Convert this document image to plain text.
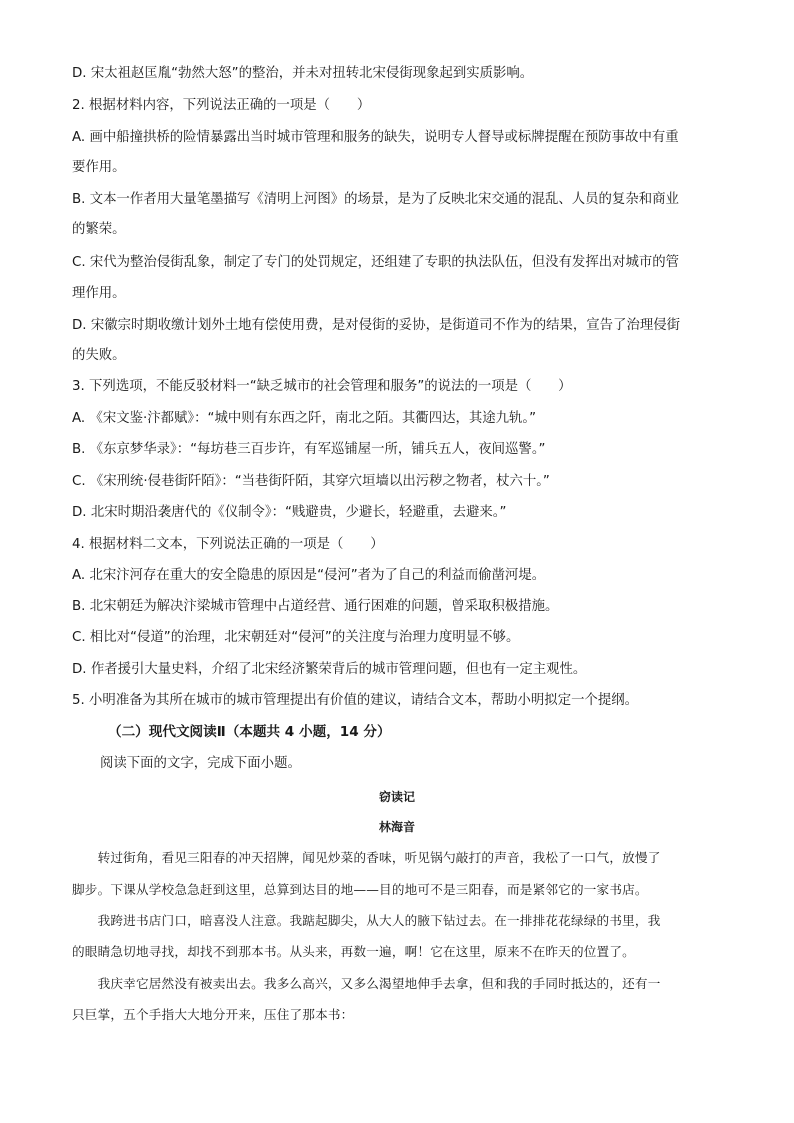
D. 宋太祖赵匡胤“勃然大怒”的整治，并未对扭转北宋侵街现象起到实质影响。
2. 根据材料内容，下列说法正确的一项是（　　）
A. 画中船撞拱桥的险情暴露出当时城市管理和服务的缺失，说明专人督导或标牌提醒在预防事故中有重
要作用。
B. 文本一作者用大量笔墨描写《清明上河图》的场景，是为了反映北宋交通的混乱、人员的复杂和商业
的繁荣。
C. 宋代为整治侵街乱象，制定了专门的处罚规定，还组建了专职的执法队伍，但没有发挥出对城市的管
理作用。
D. 宋徽宗时期收缴计划外土地有偿使用费，是对侵街的妥协，是街道司不作为的结果，宣告了治理侵街
的失败。
3. 下列选项，不能反驳材料一“缺乏城市的社会管理和服务”的说法的一项是（　　）
A. 《宋文鉴·汴都赋》：“城中则有东西之阡，南北之陌。其衢四达，其途九轨。”
B. 《东京梦华录》：“每坊巷三百步许，有军巡铺屋一所，铺兵五人，夜间巡警。”
C. 《宋刑统·侵巷街阡陌》：“当巷街阡陌，其穿穴垣墙以出污秽之物者，杖六十。”
D. 北宋时期沿袭唐代的《仪制令》：“贱避贵，少避长，轻避重，去避来。”
4. 根据材料二文本，下列说法正确的一项是（　　）
A. 北宋汴河存在重大的安全隐患的原因是“侵河”者为了自己的利益而偷凿河堤。
B. 北宋朝廷为解决汴梁城市管理中占道经营、通行困难的问题，曾采取积极措施。
C. 相比对“侵道”的治理，北宋朝廷对“侵河”的关注度与治理力度明显不够。
D. 作者援引大量史料，介绍了北宋经济繁荣背后的城市管理问题，但也有一定主观性。
5. 小明准备为其所在城市的城市管理提出有价值的建议，请结合文本，帮助小明拟定一个提纲。
（二）现代文阅读Ⅱ（本题共 4 小题，14 分）
阅读下面的文字，完成下面小题。
窃读记
林海音
　　转过街角，看见三阳春的冲天招牌，闻见炒菜的香味，听见锅勺敲打的声音，我松了一口气，放慢了
脚步。下课从学校急急赶到这里，总算到达目的地——目的地可不是三阳春，而是紧邻它的一家书店。
　　我跨进书店门口，暗喜没人注意。我踮起脚尖，从大人的腋下钻过去。在一排排花花绿绿的书里，我
的眼睛急切地寻找，却找不到那本书。从头来，再数一遍，啊！它在这里，原来不在昨天的位置了。
　　我庆幸它居然没有被卖出去。我多么高兴，又多么渴望地伸手去拿，但和我的手同时抵达的，还有一
只巨掌，五个手指大大地分开来，压住了那本书：
